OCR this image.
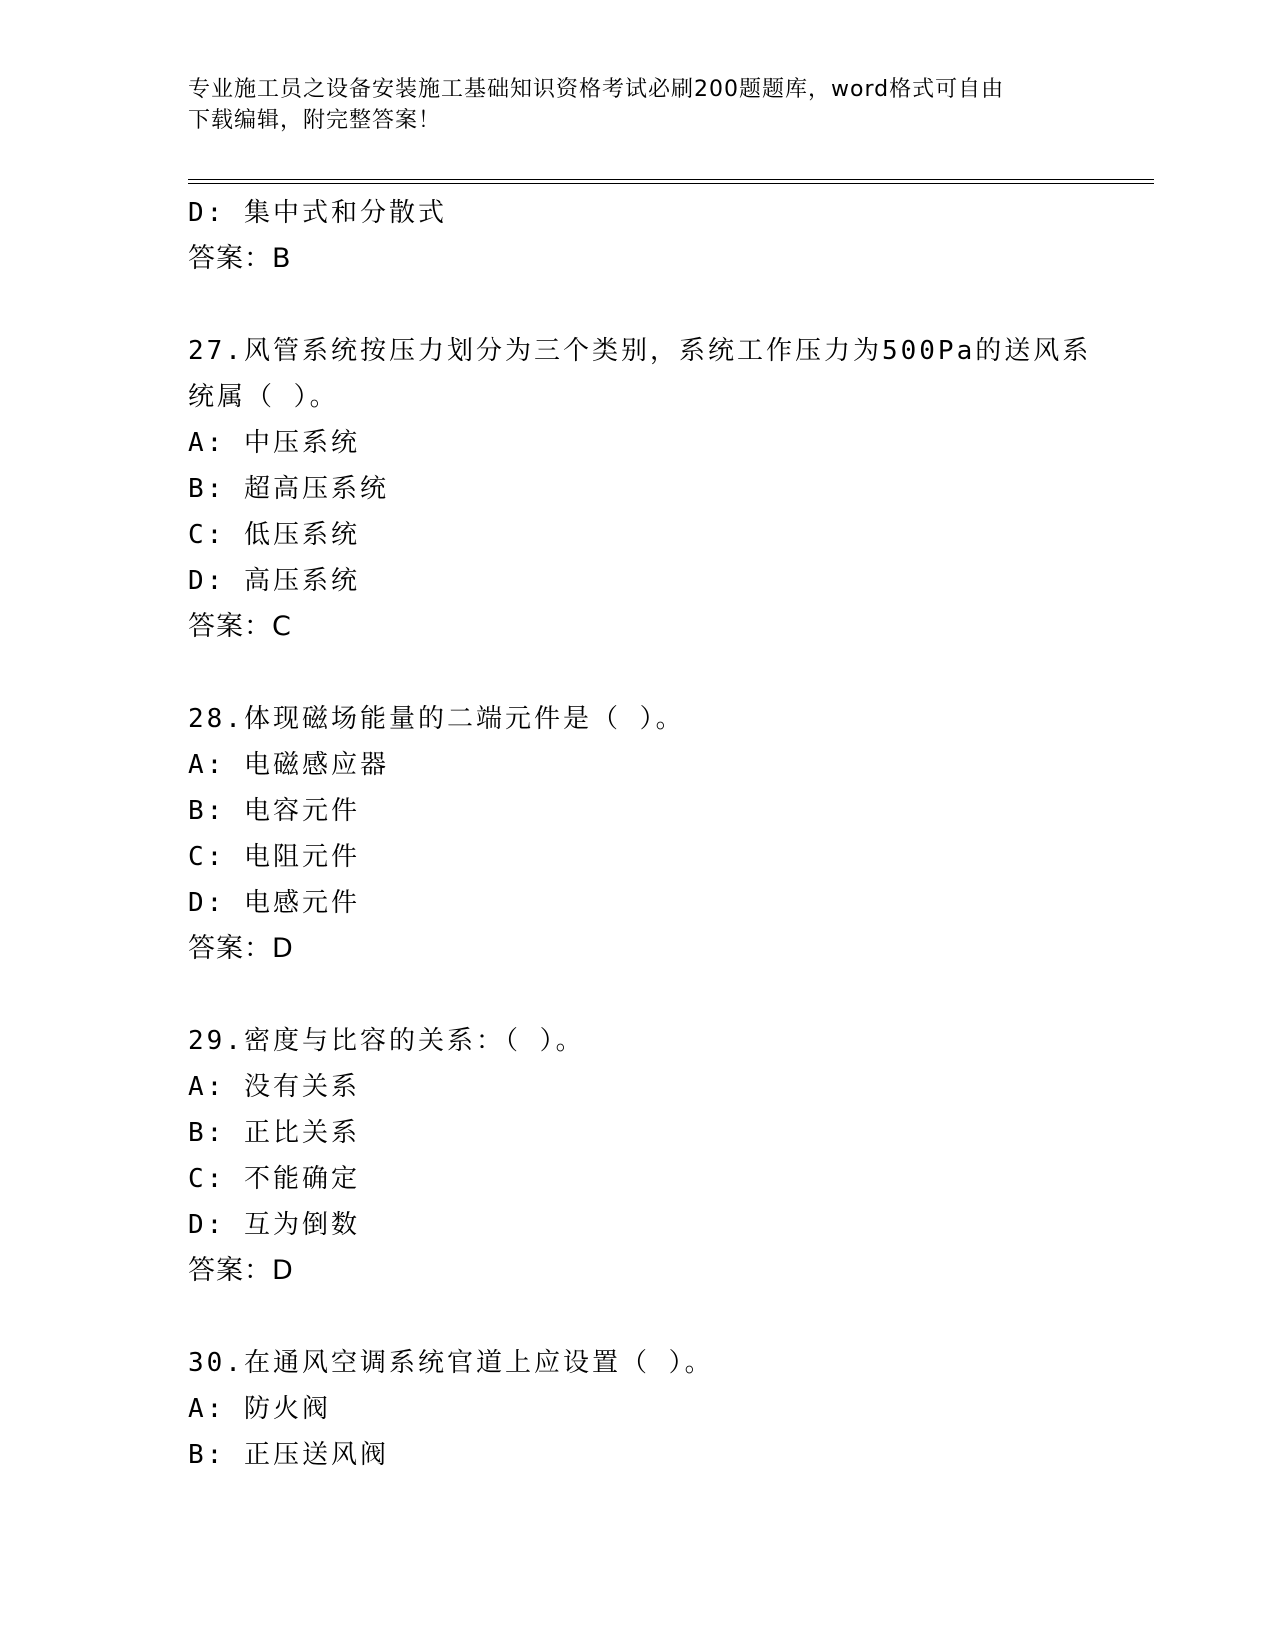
专业施工员之设备安装施工基础知识资格考试必刷200题题库，word格式可自由
下载编辑，附完整答案！
D: 集中式和分散式
答案：B
27.风管系统按压力划分为三个类别，系统工作压力为500Pa的送风系
统属（ ）。
A: 中压系统
B: 超高压系统
C: 低压系统
D: 高压系统
答案：C
28.体现磁场能量的二端元件是（ ）。
A: 电磁感应器
B: 电容元件
C: 电阻元件
D: 电感元件
答案：D
29.密度与比容的关系：（ ）。
A: 没有关系
B: 正比关系
C: 不能确定
D: 互为倒数
答案：D
30.在通风空调系统官道上应设置（ ）。
A: 防火阀
B: 正压送风阀
